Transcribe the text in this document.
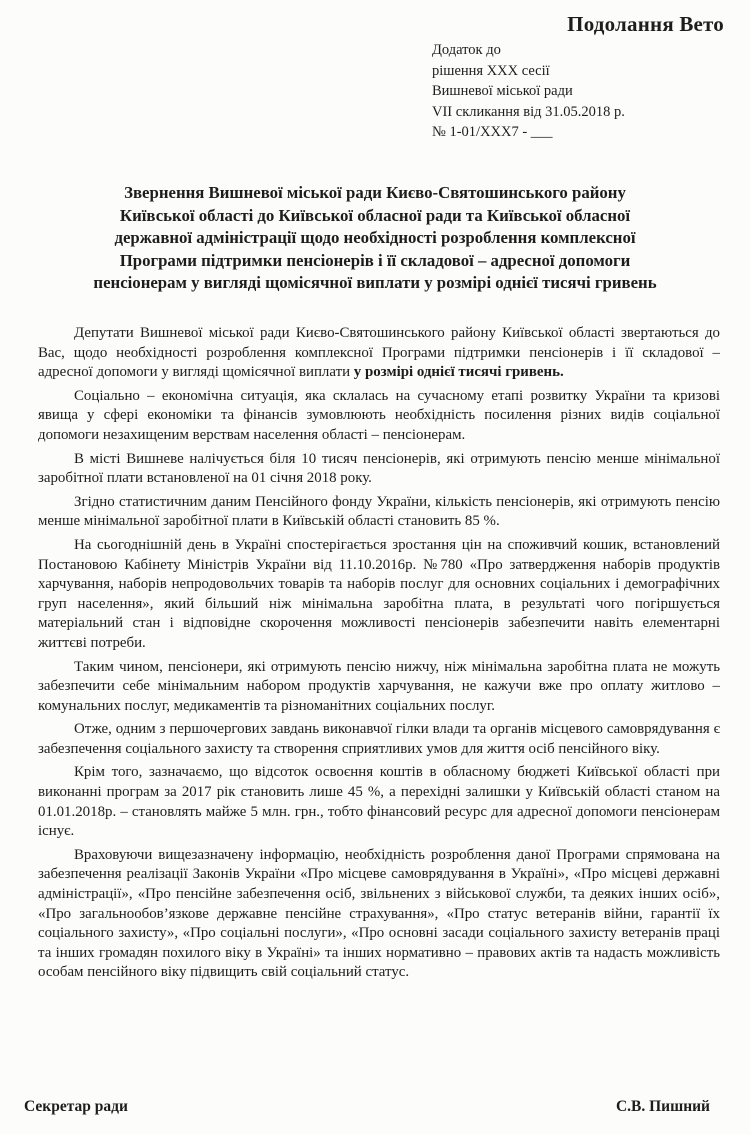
Подолання Вето
Додаток до
рішення XXX сесії
Вишневої міської ради
VII скликання від 31.05.2018 р.
№ 1-01/XXX7 - ___
Звернення Вишневої міської ради Києво-Святошинського району
Київської області до Київської обласної ради та Київської обласної
державної адміністрації щодо необхідності розроблення комплексної
Програми підтримки пенсіонерів і її складової – адресної допомоги
пенсіонерам у вигляді щомісячної виплати у розмірі однієї тисячі гривень

Депутати Вишневої міської ради Києво-Святошинського району Київської області звертаються до Вас, щодо необхідності розроблення комплексної Програми підтримки пенсіонерів і її складової – адресної допомоги у вигляді щомісячної виплати у розмірі однієї тисячі гривень.

Соціально – економічна ситуація, яка склалась на сучасному етапі розвитку України та кризові явища у сфері економіки та фінансів зумовлюють необхідність посилення різних видів соціальної допомоги незахищеним верствам населення області – пенсіонерам.

В місті Вишневе налічується біля 10 тисяч пенсіонерів, які отримують пенсію менше мінімальної заробітної плати встановленої на 01 січня 2018 року.

Згідно статистичним даним Пенсійного фонду України, кількість пенсіонерів, які отримують пенсію менше мінімальної заробітної плати в Київській області становить 85 %.

На сьогоднішній день в Україні спостерігається зростання цін на споживчий кошик, встановлений Постановою Кабінету Міністрів України від 11.10.2016р. №780 «Про затвердження наборів продуктів харчування, наборів непродовольчих товарів та наборів послуг для основних соціальних і демографічних груп населення», який більший ніж мінімальна заробітна плата, в результаті чого погіршується матеріальний стан і відповідне скорочення можливості пенсіонерів забезпечити навіть елементарні життєві потреби.

Таким чином, пенсіонери, які отримують пенсію нижчу, ніж мінімальна заробітна плата не можуть забезпечити себе мінімальним набором продуктів харчування, не кажучи вже про оплату житлово – комунальних послуг, медикаментів та різноманітних соціальних послуг.

Отже, одним з першочергових завдань виконавчої гілки влади та органів місцевого самоврядування є забезпечення соціального захисту та створення сприятливих умов для життя осіб пенсійного віку.

Крім того, зазначаємо, що відсоток освоєння коштів в обласному бюджеті Київської області при виконанні програм за 2017 рік становить лише 45 %, а перехідні залишки у Київській області станом на 01.01.2018р. – становлять майже 5 млн. грн., тобто фінансовий ресурс для адресної допомоги пенсіонерам існує.

Враховуючи вищезазначену інформацію, необхідність розроблення даної Програми спрямована на забезпечення реалізації Законів України «Про місцеве самоврядування в Україні», «Про місцеві державні адміністрації», «Про пенсійне забезпечення осіб, звільнених з військової служби, та деяких інших осіб», «Про загальнообов’язкове державне пенсійне страхування», «Про статус ветеранів війни, гарантії їх соціального захисту», «Про соціальні послуги», «Про основні засади соціального захисту ветеранів праці та інших громадян похилого віку в Україні» та інших нормативно – правових актів та надасть можливість особам пенсійного віку підвищить свій соціальний статус.

Секретар ради	С.В. Пишний
